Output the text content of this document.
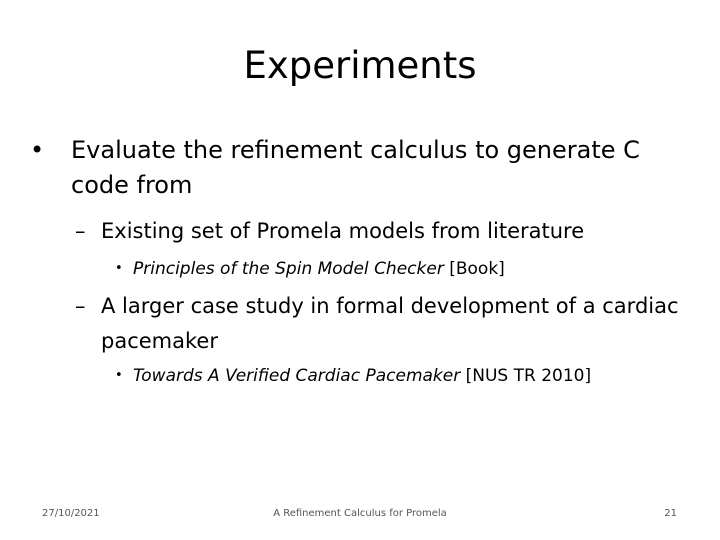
Experiments
•	Evaluate the refinement calculus to generate C code from
– Existing set of Promela models from literature
• Principles of the Spin Model Checker [Book]
– A larger case study in formal development of a cardiac pacemaker
• Towards A Verified Cardiac Pacemaker [NUS TR 2010]
27/10/2021	A Refinement Calculus for Promela	21
